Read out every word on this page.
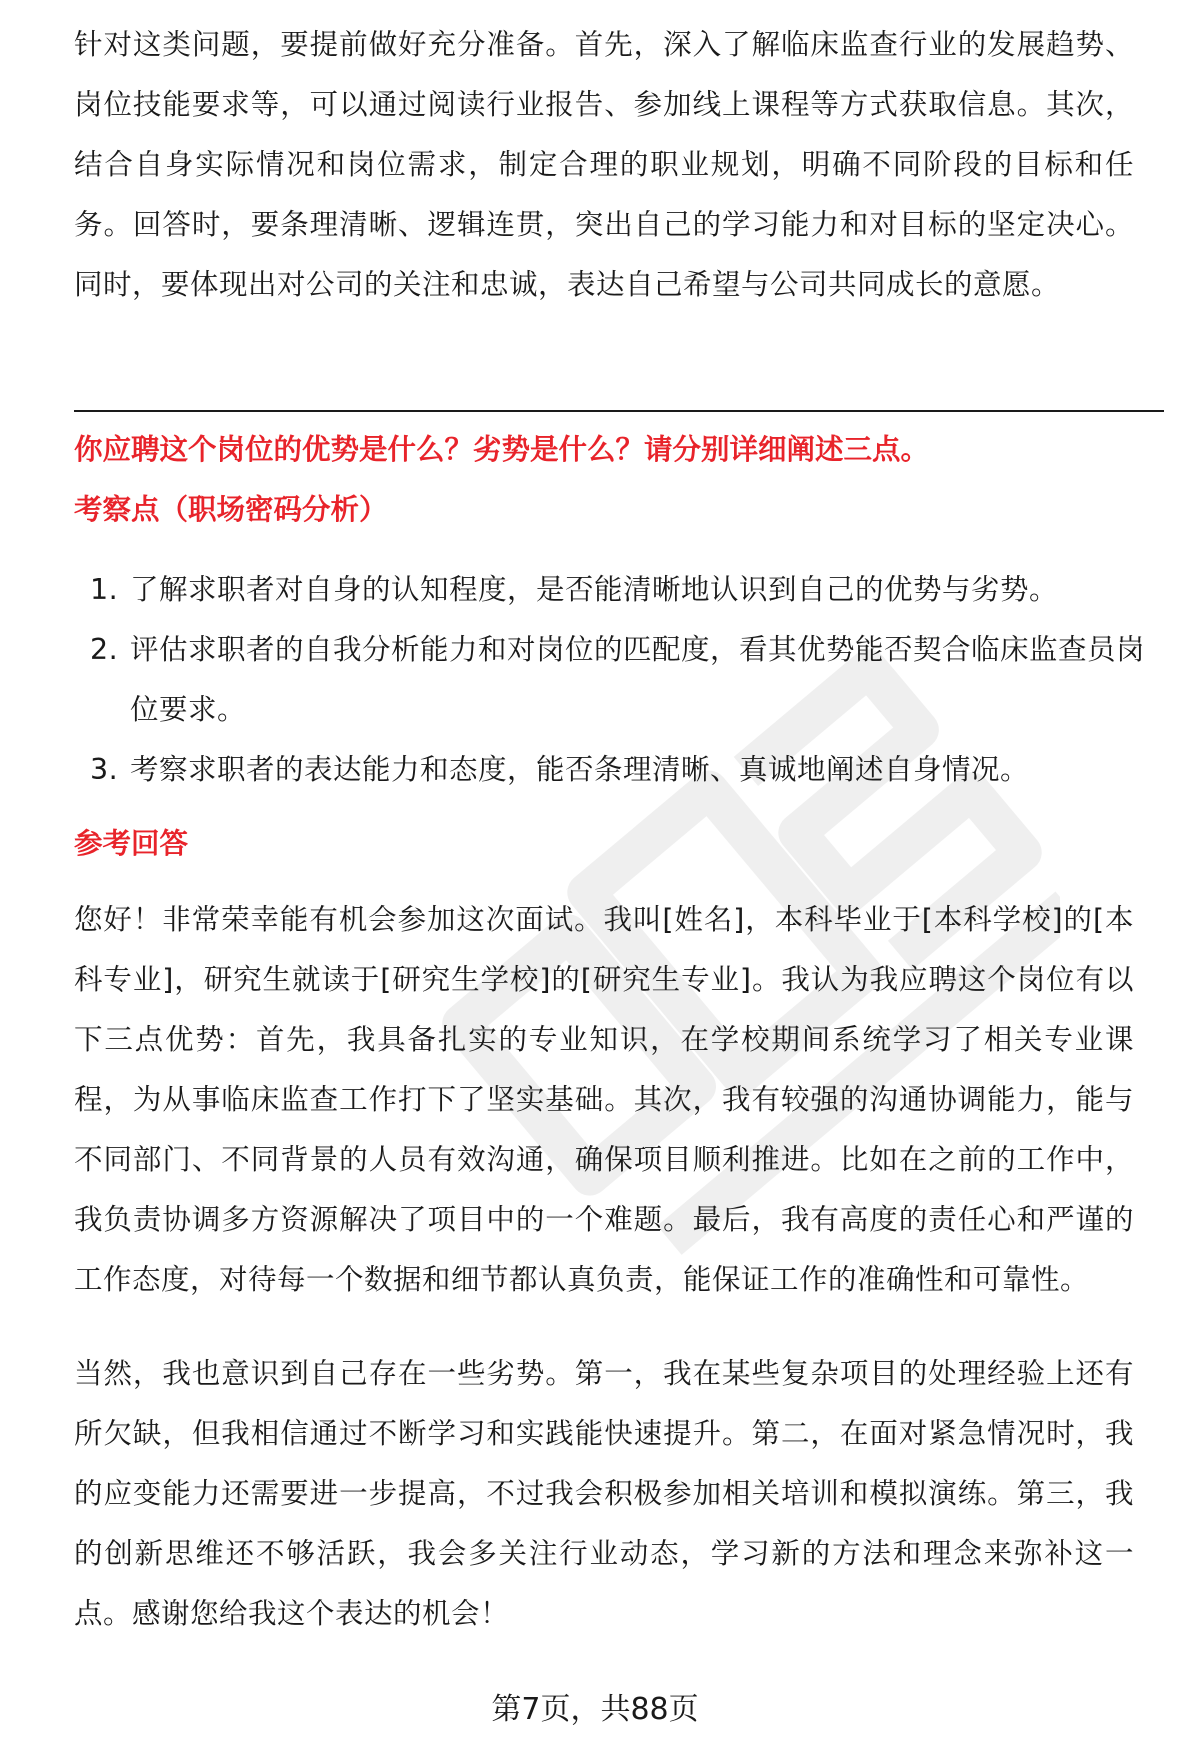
针对这类问题，要提前做好充分准备。首先，深入了解临床监查行业的发展趋势、岗位技能要求等，可以通过阅读行业报告、参加线上课程等方式获取信息。其次，结合自身实际情况和岗位需求，制定合理的职业规划，明确不同阶段的目标和任务。回答时，要条理清晰、逻辑连贯，突出自己的学习能力和对目标的坚定决心。同时，要体现出对公司的关注和忠诚，表达自己希望与公司共同成长的意愿。

你应聘这个岗位的优势是什么？劣势是什么？请分别详细阐述三点。
考察点（职场密码分析）
1. 了解求职者对自身的认知程度，是否能清晰地认识到自己的优势与劣势。
2. 评估求职者的自我分析能力和对岗位的匹配度，看其优势能否契合临床监查员岗位要求。
3. 考察求职者的表达能力和态度，能否条理清晰、真诚地阐述自身情况。
参考回答

您好！非常荣幸能有机会参加这次面试。我叫[姓名]，本科毕业于[本科学校]的[本科专业]，研究生就读于[研究生学校]的[研究生专业]。我认为我应聘这个岗位有以下三点优势：首先，我具备扎实的专业知识，在学校期间系统学习了相关专业课程，为从事临床监查工作打下了坚实基础。其次，我有较强的沟通协调能力，能与不同部门、不同背景的人员有效沟通，确保项目顺利推进。比如在之前的工作中，我负责协调多方资源解决了项目中的一个难题。最后，我有高度的责任心和严谨的工作态度，对待每一个数据和细节都认真负责，能保证工作的准确性和可靠性。

当然，我也意识到自己存在一些劣势。第一，我在某些复杂项目的处理经验上还有所欠缺，但我相信通过不断学习和实践能快速提升。第二，在面对紧急情况时，我的应变能力还需要进一步提高，不过我会积极参加相关培训和模拟演练。第三，我的创新思维还不够活跃，我会多关注行业动态，学习新的方法和理念来弥补这一点。感谢您给我这个表达的机会！

第7页，共88页
